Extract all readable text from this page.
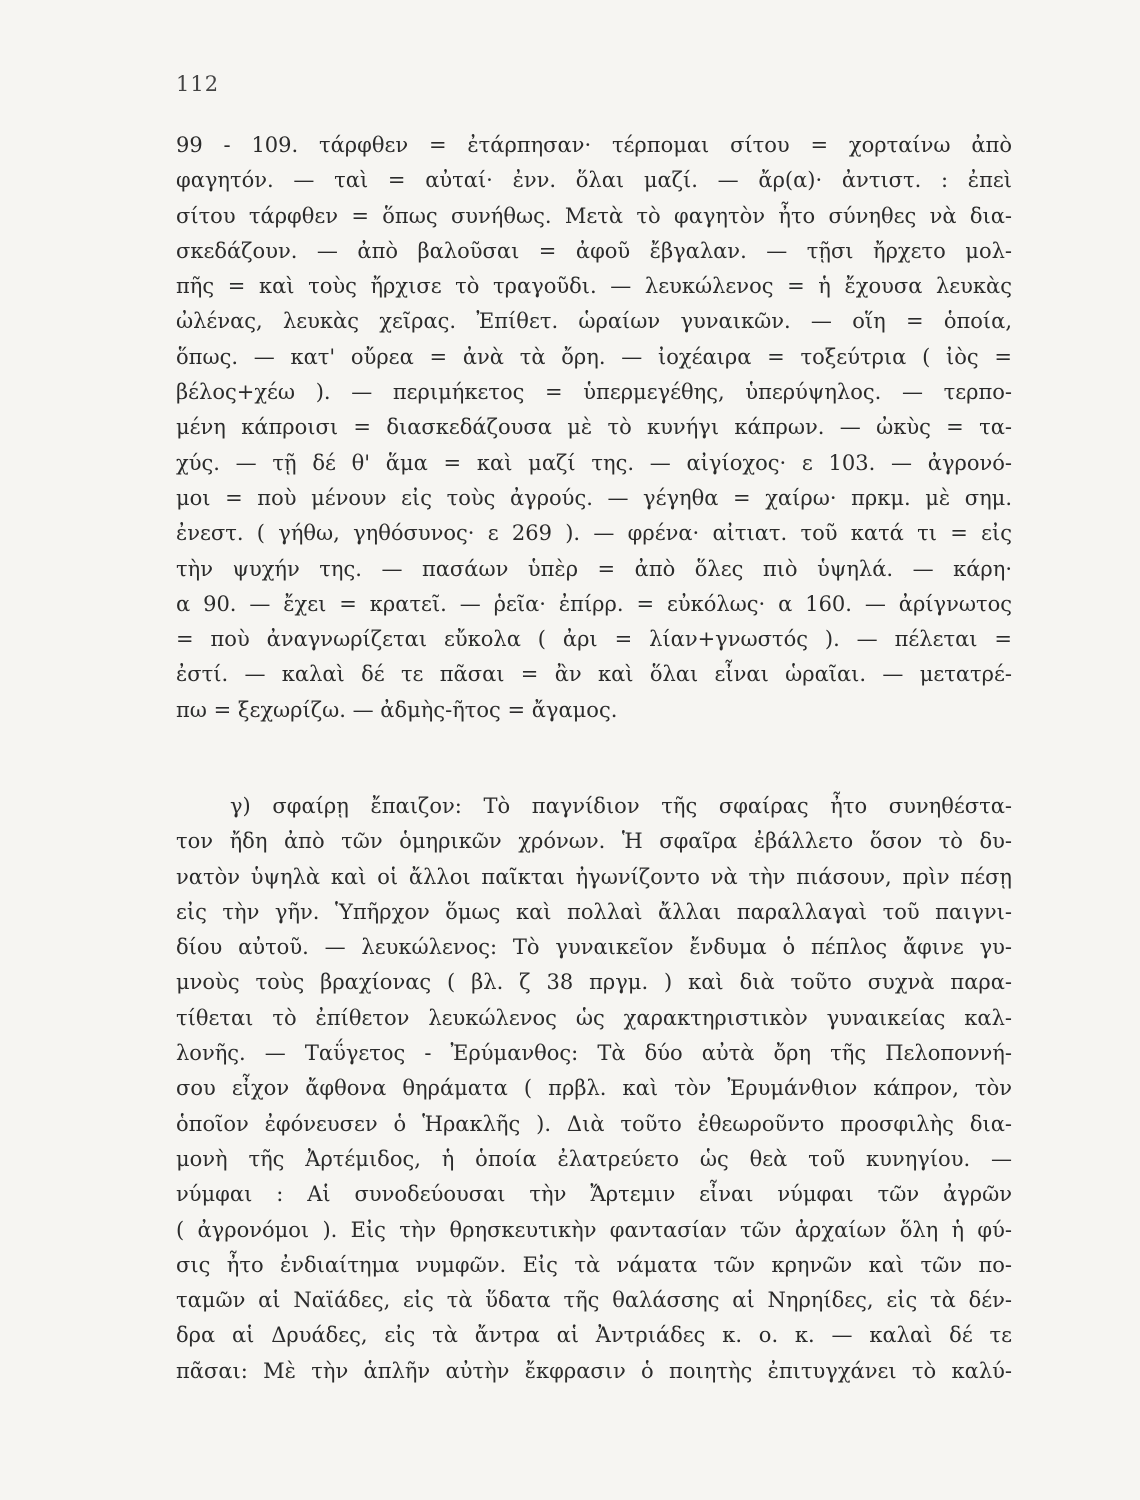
112
99 - 109. τάρφθεν = ἐτάρπησαν· τέρπομαι σίτου = χορταίνω ἀπὸ
φαγητόν. — ταὶ = αὐταί· ἐνν. ὅλαι μαζί. — ἄρ(α)· ἀντιστ. : ἐπεὶ
σίτου τάρφθεν = ὅπως συνήθως. Μετὰ τὸ φαγητὸν ἦτο σύνηθες νὰ δια-
σκεδάζουν. — ἀπὸ βαλοῦσαι = ἀφοῦ ἔβγαλαν. — τῇσι ἤρχετο μολ-
πῆς = καὶ τοὺς ἤρχισε τὸ τραγοῦδι. — λευκώλενος = ἡ ἔχουσα λευκὰς
ὠλένας, λευκὰς χεῖρας. Ἐπίθετ. ὡραίων γυναικῶν. — οἵη = ὁποία,
ὅπως. — κατ' οὔρεα = ἀνὰ τὰ ὄρη. — ἰοχέαιρα = τοξεύτρια ( ἰὸς =
βέλος+χέω ). — περιμήκετος = ὑπερμεγέθης, ὑπερύψηλος. — τερπο-
μένη κάπροισι = διασκεδάζουσα μὲ τὸ κυνήγι κάπρων. — ὠκὺς = τα-
χύς. — τῇ δέ θ' ἅμα = καὶ μαζί της. — αἰγίοχος· ε 103. — ἀγρονό-
μοι = ποὺ μένουν εἰς τοὺς ἀγρούς. — γέγηθα = χαίρω· πρκμ. μὲ σημ.
ἐνεστ. ( γήθω, γηθόσυνος· ε 269 ). — φρένα· αἰτιατ. τοῦ κατά τι = εἰς
τὴν ψυχήν της. — πασάων ὑπὲρ = ἀπὸ ὅλες πιὸ ὑψηλά. — κάρη·
α 90. — ἔχει = κρατεῖ. — ῥεῖα· ἐπίρρ. = εὐκόλως· α 160. — ἀρίγνωτος
= ποὺ ἀναγνωρίζεται εὔκολα ( ἀρι = λίαν+γνωστός ). — πέλεται =
ἐστί. — καλαὶ δέ τε πᾶσαι = ἂν καὶ ὅλαι εἶναι ὡραῖαι. — μετατρέ-
πω = ξεχωρίζω. — ἀδμὴς-ῆτος = ἄγαμος.
γ) σφαίρῃ ἔπαιζον: Τὸ παγνίδιον τῆς σφαίρας ἦτο συνηθέστα-
τον ἤδη ἀπὸ τῶν ὁμηρικῶν χρόνων. Ἡ σφαῖρα ἐβάλλετο ὅσον τὸ δυ-
νατὸν ὑψηλὰ καὶ οἱ ἄλλοι παῖκται ἠγωνίζοντο νὰ τὴν πιάσουν, πρὶν πέσῃ
εἰς τὴν γῆν. Ὑπῆρχον ὅμως καὶ πολλαὶ ἄλλαι παραλλαγαὶ τοῦ παιγνι-
δίου αὐτοῦ. — λευκώλενος: Τὸ γυναικεῖον ἔνδυμα ὁ πέπλος ἄφινε γυ-
μνοὺς τοὺς βραχίονας ( βλ. ζ 38 πργμ. ) καὶ διὰ τοῦτο συχνὰ παρα-
τίθεται τὸ ἐπίθετον λευκώλενος ὡς χαρακτηριστικὸν γυναικείας καλ-
λονῆς. — Ταΰγετος - Ἐρύμανθος: Τὰ δύο αὐτὰ ὄρη τῆς Πελοποννή-
σου εἶχον ἄφθονα θηράματα ( πρβλ. καὶ τὸν Ἐρυμάνθιον κάπρον, τὸν
ὁποῖον ἐφόνευσεν ὁ Ἡρακλῆς ). Διὰ τοῦτο ἐθεωροῦντο προσφιλὴς δια-
μονὴ τῆς Ἀρτέμιδος, ἡ ὁποία ἐλατρεύετο ὡς θεὰ τοῦ κυνηγίου. —
νύμφαι : Αἱ συνοδεύουσαι τὴν Ἄρτεμιν εἶναι νύμφαι τῶν ἀγρῶν
( ἀγρονόμοι ). Εἰς τὴν θρησκευτικὴν φαντασίαν τῶν ἀρχαίων ὅλη ἡ φύ-
σις ἦτο ἐνδιαίτημα νυμφῶν. Εἰς τὰ νάματα τῶν κρηνῶν καὶ τῶν πο-
ταμῶν αἱ Ναϊάδες, εἰς τὰ ὕδατα τῆς θαλάσσης αἱ Νηρηίδες, εἰς τὰ δέν-
δρα αἱ Δρυάδες, εἰς τὰ ἄντρα αἱ Ἀντριάδες κ. ο. κ. — καλαὶ δέ τε
πᾶσαι: Μὲ τὴν ἁπλῆν αὐτὴν ἔκφρασιν ὁ ποιητὴς ἐπιτυγχάνει τὸ καλύ-
